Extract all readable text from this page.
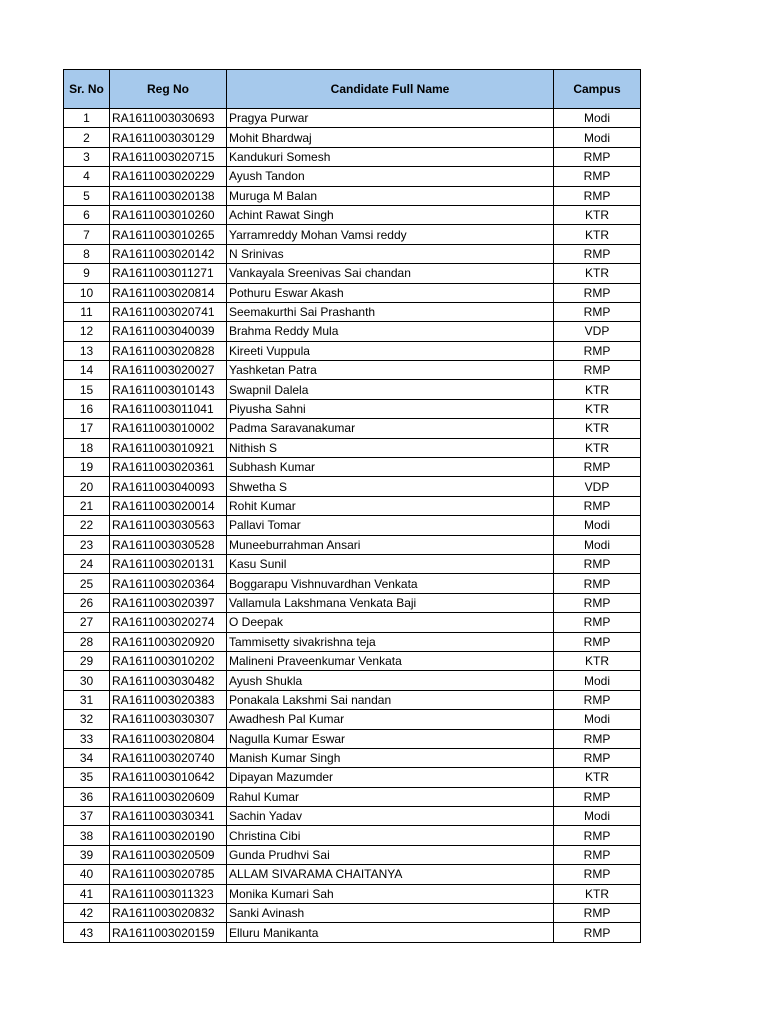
Sr. No	Reg No	Candidate Full Name	Campus
1	RA1611003030693	Pragya Purwar	Modi
2	RA1611003030129	Mohit Bhardwaj	Modi
3	RA1611003020715	Kandukuri Somesh	RMP
4	RA1611003020229	Ayush Tandon	RMP
5	RA1611003020138	Muruga M Balan	RMP
6	RA1611003010260	Achint Rawat Singh	KTR
7	RA1611003010265	Yarramreddy Mohan Vamsi reddy	KTR
8	RA1611003020142	N Srinivas	RMP
9	RA1611003011271	Vankayala Sreenivas Sai chandan	KTR
10	RA1611003020814	Pothuru Eswar Akash	RMP
11	RA1611003020741	Seemakurthi Sai Prashanth	RMP
12	RA1611003040039	Brahma Reddy Mula	VDP
13	RA1611003020828	Kireeti Vuppula	RMP
14	RA1611003020027	Yashketan Patra	RMP
15	RA1611003010143	Swapnil Dalela	KTR
16	RA1611003011041	Piyusha Sahni	KTR
17	RA1611003010002	Padma Saravanakumar	KTR
18	RA1611003010921	Nithish S	KTR
19	RA1611003020361	Subhash Kumar	RMP
20	RA1611003040093	Shwetha S	VDP
21	RA1611003020014	Rohit Kumar	RMP
22	RA1611003030563	Pallavi Tomar	Modi
23	RA1611003030528	Muneeburrahman Ansari	Modi
24	RA1611003020131	Kasu Sunil	RMP
25	RA1611003020364	Boggarapu Vishnuvardhan Venkata	RMP
26	RA1611003020397	Vallamula Lakshmana Venkata Baji	RMP
27	RA1611003020274	O Deepak	RMP
28	RA1611003020920	Tammisetty sivakrishna teja	RMP
29	RA1611003010202	Malineni Praveenkumar Venkata	KTR
30	RA1611003030482	Ayush Shukla	Modi
31	RA1611003020383	Ponakala Lakshmi Sai nandan	RMP
32	RA1611003030307	Awadhesh Pal Kumar	Modi
33	RA1611003020804	Nagulla Kumar Eswar	RMP
34	RA1611003020740	Manish Kumar Singh	RMP
35	RA1611003010642	Dipayan Mazumder	KTR
36	RA1611003020609	Rahul Kumar	RMP
37	RA1611003030341	Sachin Yadav	Modi
38	RA1611003020190	Christina Cibi	RMP
39	RA1611003020509	Gunda Prudhvi Sai	RMP
40	RA1611003020785	ALLAM SIVARAMA CHAITANYA	RMP
41	RA1611003011323	Monika Kumari Sah	KTR
42	RA1611003020832	Sanki Avinash	RMP
43	RA1611003020159	Elluru Manikanta	RMP
